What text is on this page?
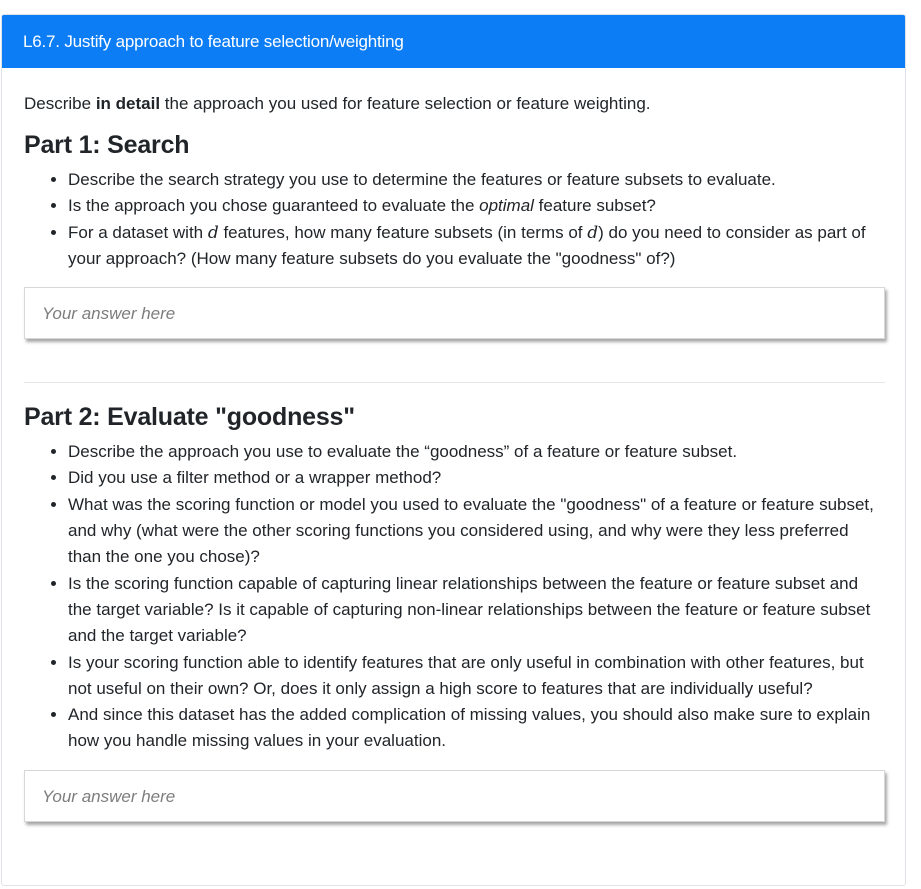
L6.7. Justify approach to feature selection/weighting

Describe in detail the approach you used for feature selection or feature weighting.

Part 1: Search
• Describe the search strategy you use to determine the features or feature subsets to evaluate.
• Is the approach you chose guaranteed to evaluate the optimal feature subset?
• For a dataset with d features, how many feature subsets (in terms of d) do you need to consider as part of your approach? (How many feature subsets do you evaluate the "goodness" of?)
Your answer here
Part 2: Evaluate "goodness"
• Describe the approach you use to evaluate the “goodness” of a feature or feature subset.
• Did you use a filter method or a wrapper method?
• What was the scoring function or model you used to evaluate the "goodness" of a feature or feature subset, and why (what were the other scoring functions you considered using, and why were they less preferred than the one you chose)?
• Is the scoring function capable of capturing linear relationships between the feature or feature subset and the target variable? Is it capable of capturing non-linear relationships between the feature or feature subset and the target variable?
• Is your scoring function able to identify features that are only useful in combination with other features, but not useful on their own? Or, does it only assign a high score to features that are individually useful?
• And since this dataset has the added complication of missing values, you should also make sure to explain how you handle missing values in your evaluation.
Your answer here
